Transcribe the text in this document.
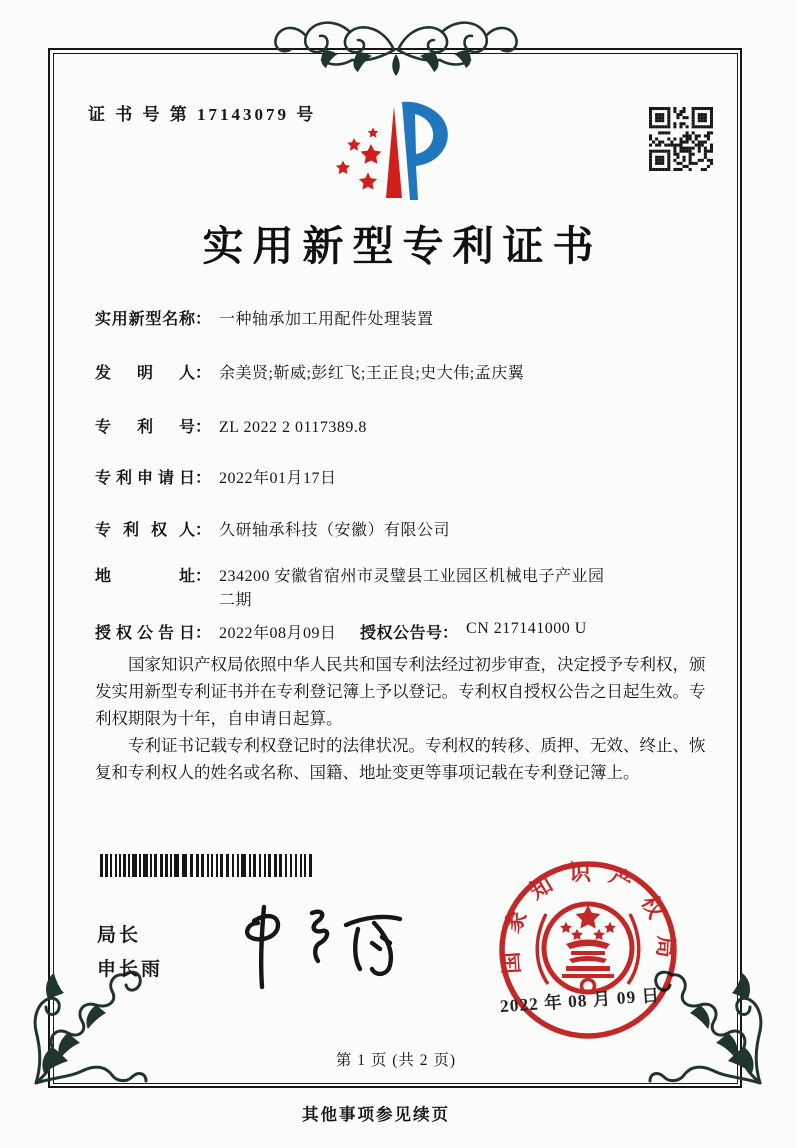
证 书 号 第 17143079 号
实用新型专利证书
实用新型名称 ： 一种轴承加工用配件处理装置
发明人 ： 余美贤;靳威;彭红飞;王正良;史大伟;孟庆翼
专利号 ： ZL 2022 2 0117389.8
专利申请日 ： 2022年01月17日
专利权人 ： 久研轴承科技（安徽）有限公司
地址 ： 234200 安徽省宿州市灵璧县工业园区机械电子产业园二期
授权公告日 ： 2022年08月09日 授权公告号 ： CN 217141000 U

国家知识产权局依照中华人民共和国专利法经过初步审查，决定授予专利权，颁发实用新型专利证书并在专利登记簿上予以登记。专利权自授权公告之日起生效。专利权期限为十年，自申请日起算。

专利证书记载专利权登记时的法律状况。专利权的转移、质押、无效、终止、恢复和专利权人的姓名或名称、国籍、地址变更等事项记载在专利登记簿上。

局长
申长雨	国家知识产权局
2022 年 08 月 09 日
第 1 页 (共 2 页)
其他事项参见续页
